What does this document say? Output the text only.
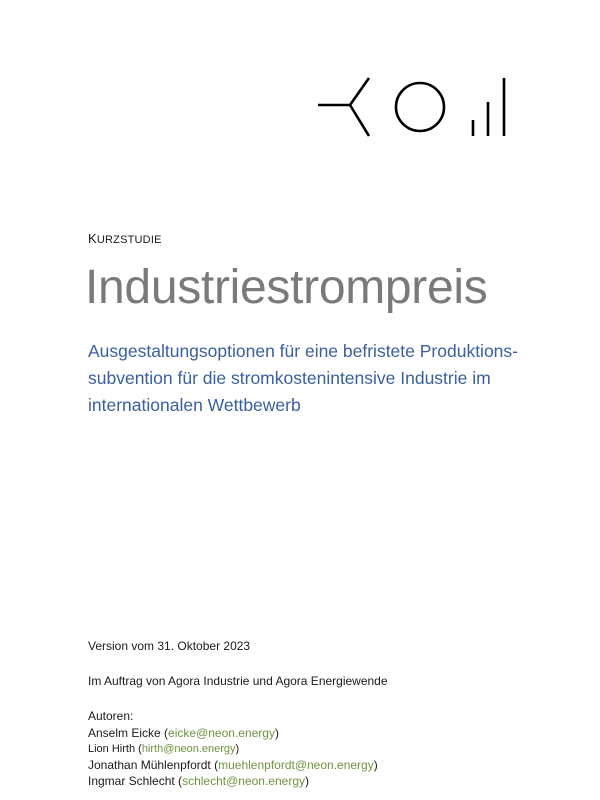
KURZSTUDIE
Industriestrompreis
Ausgestaltungsoptionen für eine befristete Produktions-
subvention für die stromkostenintensive Industrie im
internationalen Wettbewerb
Version vom 31. Oktober 2023
Im Auftrag von Agora Industrie und Agora Energiewende
Autoren:
Anselm Eicke (eicke@neon.energy)
Lion Hirth (hirth@neon.energy)
Jonathan Mühlenpfordt (muehlenpfordt@neon.energy)
Ingmar Schlecht (schlecht@neon.energy)
